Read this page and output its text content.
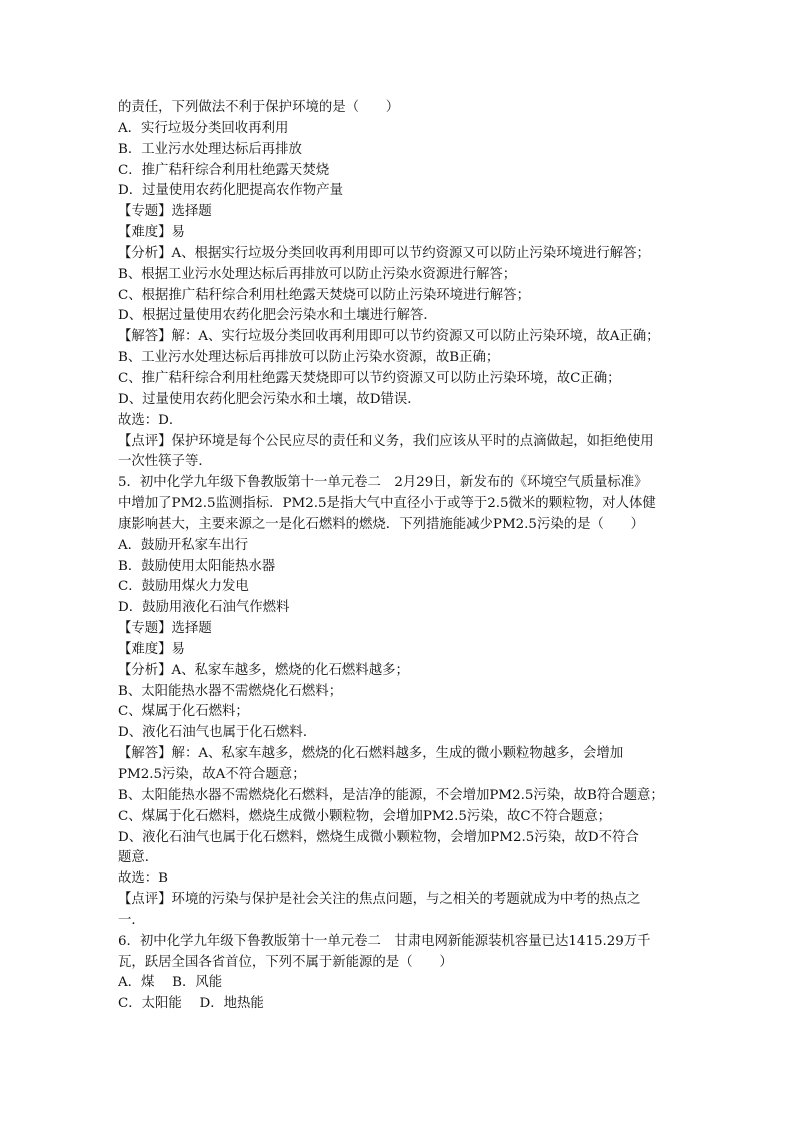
的责任，下列做法不利于保护环境的是（　　）
A．实行垃圾分类回收再利用
B．工业污水处理达标后再排放
C．推广秸秆综合利用杜绝露天焚烧
D．过量使用农药化肥提高农作物产量
【专题】选择题
【难度】易
【分析】A、根据实行垃圾分类回收再利用即可以节约资源又可以防止污染环境进行解答；
B、根据工业污水处理达标后再排放可以防止污染水资源进行解答；
C、根据推广秸秆综合利用杜绝露天焚烧可以防止污染环境进行解答；
D、根据过量使用农药化肥会污染水和土壤进行解答．
【解答】解：A、实行垃圾分类回收再利用即可以节约资源又可以防止污染环境，故A正确；
B、工业污水处理达标后再排放可以防止污染水资源，故B正确；
C、推广秸秆综合利用杜绝露天焚烧即可以节约资源又可以防止污染环境，故C正确；
D、过量使用农药化肥会污染水和土壤，故D错误．
故选：D．
【点评】保护环境是每个公民应尽的责任和义务，我们应该从平时的点滴做起，如拒绝使用
一次性筷子等．
5．初中化学九年级下鲁教版第十一单元卷二　2月29日，新发布的《环境空气质量标准》
中增加了PM2.5监测指标．PM2.5是指大气中直径小于或等于2.5微米的颗粒物，对人体健
康影响甚大，主要来源之一是化石燃料的燃烧．下列措施能减少PM2.5污染的是（　　）
A．鼓励开私家车出行
B．鼓励使用太阳能热水器
C．鼓励用煤火力发电
D．鼓励用液化石油气作燃料
【专题】选择题
【难度】易
【分析】A、私家车越多，燃烧的化石燃料越多；
B、太阳能热水器不需燃烧化石燃料；
C、煤属于化石燃料；
D、液化石油气也属于化石燃料．
【解答】解：A、私家车越多，燃烧的化石燃料越多，生成的微小颗粒物越多，会增加
PM2.5污染，故A不符合题意；
B、太阳能热水器不需燃烧化石燃料，是洁净的能源，不会增加PM2.5污染，故B符合题意；
C、煤属于化石燃料，燃烧生成微小颗粒物，会增加PM2.5污染，故C不符合题意；
D、液化石油气也属于化石燃料，燃烧生成微小颗粒物，会增加PM2.5污染，故D不符合
题意．
故选：B
【点评】环境的污染与保护是社会关注的焦点问题，与之相关的考题就成为中考的热点之
一．
6．初中化学九年级下鲁教版第十一单元卷二　甘肃电网新能源装机容量已达1415.29万千
瓦，跃居全国各省首位，下列不属于新能源的是（　　）
A．煤　 B．风能
C．太阳能　 D．地热能
